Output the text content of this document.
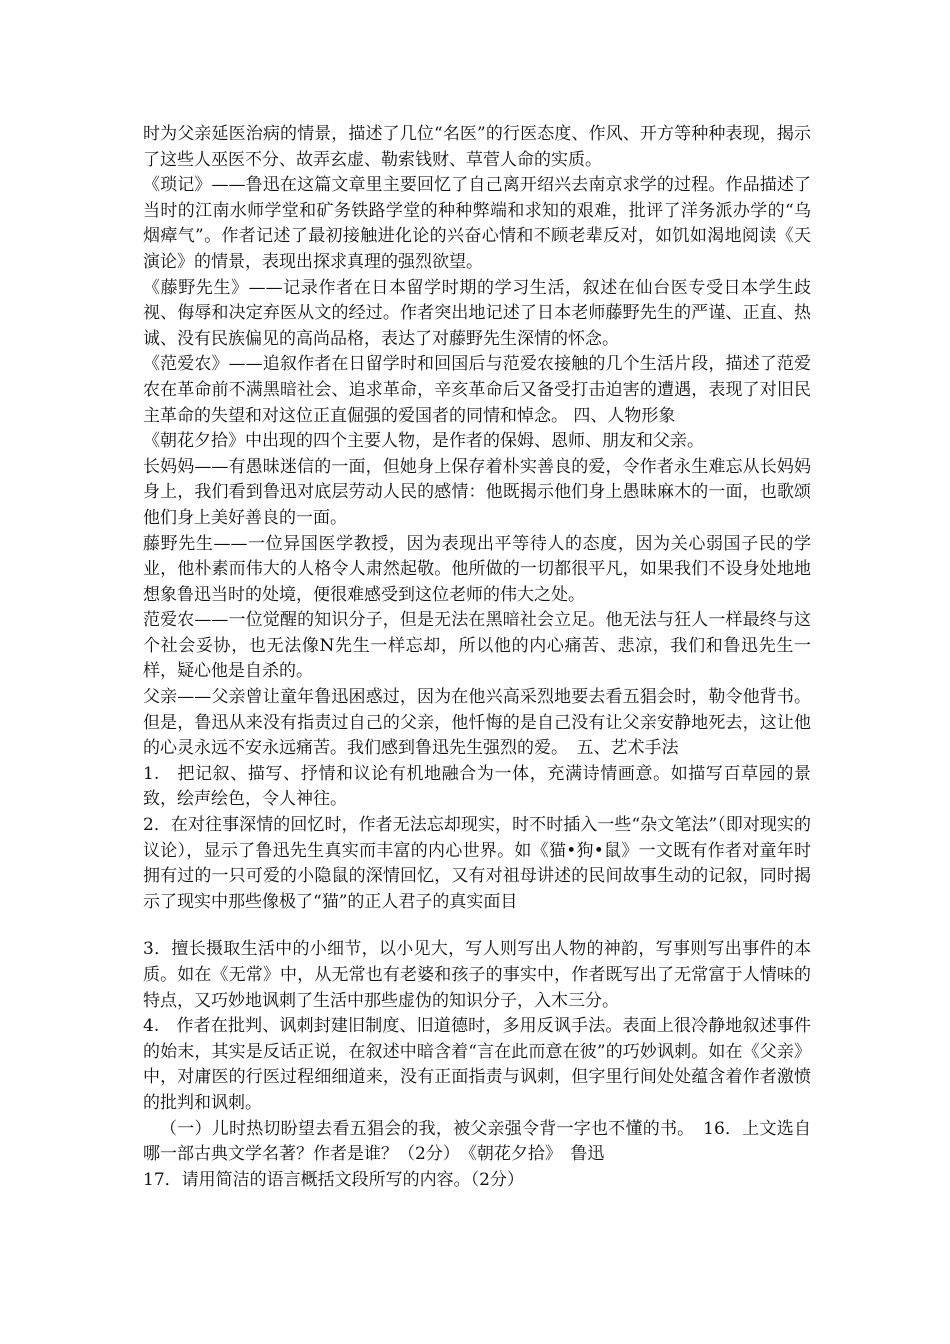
时为父亲延医治病的情景，描述了几位“名医”的行医态度、作风、开方等种种表现，揭示了这些人巫医不分、故弄玄虚、勒索钱财、草菅人命的实质。

《琐记》——鲁迅在这篇文章里主要回忆了自己离开绍兴去南京求学的过程。作品描述了当时的江南水师学堂和矿务铁路学堂的种种弊端和求知的艰难，批评了洋务派办学的“乌烟瘴气”。作者记述了最初接触进化论的兴奋心情和不顾老辈反对，如饥如渴地阅读《天演论》的情景，表现出探求真理的强烈欲望。

《藤野先生》——记录作者在日本留学时期的学习生活，叙述在仙台医专受日本学生歧视、侮辱和决定弃医从文的经过。作者突出地记述了日本老师藤野先生的严谨、正直、热诚、没有民族偏见的高尚品格，表达了对藤野先生深情的怀念。

《范爱农》——追叙作者在日留学时和回国后与范爱农接触的几个生活片段，描述了范爱农在革命前不满黑暗社会、追求革命，辛亥革命后又备受打击迫害的遭遇，表现了对旧民主革命的失望和对这位正直倔强的爱国者的同情和悼念。 四、人物形象

《朝花夕拾》中出现的四个主要人物，是作者的保姆、恩师、朋友和父亲。

长妈妈——有愚昧迷信的一面，但她身上保存着朴实善良的爱，令作者永生难忘从长妈妈身上，我们看到鲁迅对底层劳动人民的感情：他既揭示他们身上愚昧麻木的一面，也歌颂他们身上美好善良的一面。

藤野先生——一位异国医学教授，因为表现出平等待人的态度，因为关心弱国子民的学业，他朴素而伟大的人格令人肃然起敬。他所做的一切都很平凡，如果我们不设身处地地想象鲁迅当时的处境，便很难感受到这位老师的伟大之处。

范爱农——一位觉醒的知识分子，但是无法在黑暗社会立足。他无法与狂人一样最终与这个社会妥协，也无法像N先生一样忘却，所以他的内心痛苦、悲凉，我们和鲁迅先生一样，疑心他是自杀的。

父亲——父亲曾让童年鲁迅困惑过，因为在他兴高采烈地要去看五猖会时，勒令他背书。但是，鲁迅从来没有指责过自己的父亲，他忏悔的是自己没有让父亲安静地死去，这让他的心灵永远不安永远痛苦。我们感到鲁迅先生强烈的爱。　五、艺术手法

1.　把记叙、描写、抒情和议论有机地融合为一体，充满诗情画意。如描写百草园的景致，绘声绘色，令人神往。

2．在对往事深情的回忆时，作者无法忘却现实，时不时插入一些“杂文笔法”（即对现实的议论），显示了鲁迅先生真实而丰富的内心世界。如《猫•狗•鼠》一文既有作者对童年时拥有过的一只可爱的小隐鼠的深情回忆，又有对祖母讲述的民间故事生动的记叙，同时揭示了现实中那些像极了“猫”的正人君子的真实面目

3．擅长摄取生活中的小细节，以小见大，写人则写出人物的神韵，写事则写出事件的本质。如在《无常》中，从无常也有老婆和孩子的事实中，作者既写出了无常富于人情味的特点，又巧妙地讽刺了生活中那些虚伪的知识分子，入木三分。

4.　作者在批判、讽刺封建旧制度、旧道德时，多用反讽手法。表面上很冷静地叙述事件的始末，其实是反话正说，在叙述中暗含着“言在此而意在彼”的巧妙讽刺。如在《父亲》中，对庸医的行医过程细细道来，没有正面指责与讽刺，但字里行间处处蕴含着作者激愤的批判和讽刺。

（一）儿时热切盼望去看五猖会的我，被父亲强令背一字也不懂的书。　16．上文选自哪一部古典文学名著？作者是谁？（2分）　《朝花夕拾》　鲁迅

17．请用简洁的语言概括文段所写的内容。（2分）
